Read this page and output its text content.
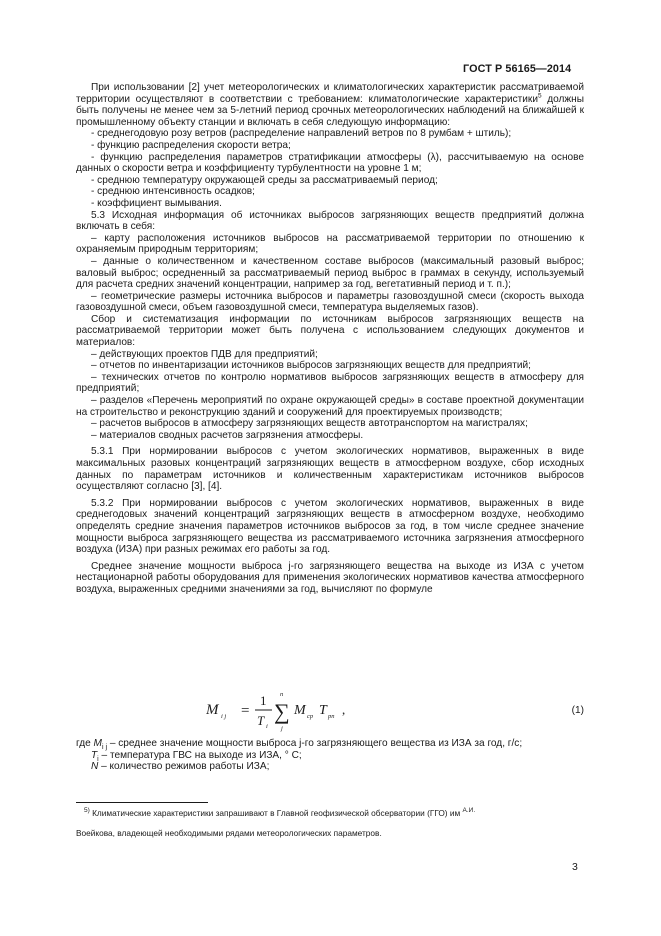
ГОСТ Р 56165—2014

При использовании [2] учет метеорологических и климатологических характеристик рассматриваемой территории осуществляют в соответствии с требованием: климатологические характеристики$^5$ должны быть получены не менее чем за 5-летний период срочных метеорологических наблюдений на ближайшей к промышленному объекту станции и включать в себя следующую информацию:

- среднегодовую розу ветров (распределение направлений ветров по 8 румбам + штиль);

- функцию распределения скорости ветра;

- функцию распределения параметров стратификации атмосферы (λ), рассчитываемую на основе данных о скорости ветра и коэффициенту турбулентности на уровне 1 м;

- среднюю температуру окружающей среды за рассматриваемый период;

- среднюю интенсивность осадков;

- коэффициент вымывания.

5.3 Исходная информация об источниках выбросов загрязняющих веществ предприятий должна включать в себя:

– карту расположения источников выбросов на рассматриваемой территории по отношению к охраняемым природным территориям;

– данные о количественном и качественном составе выбросов (максимальный разовый выброс; валовый выброс; осредненный за рассматриваемый период выброс в граммах в секунду, используемый для расчета средних значений концентрации, например за год, вегетативный период и т. п.);

– геометрические размеры источника выбросов и параметры газовоздушной смеси (скорость выхода газовоздушной смеси, объем газовоздушной смеси, температура выделяемых газов).

Сбор и систематизация информации по источникам выбросов загрязняющих веществ на рассматриваемой территории может быть получена с использованием следующих документов и материалов:

– действующих проектов ПДВ для предприятий;

– отчетов по инвентаризации источников выбросов загрязняющих веществ для предприятий;

– технических отчетов по контролю нормативов выбросов загрязняющих веществ в атмосферу для предприятий;

– разделов «Перечень мероприятий по охране окружающей среды» в составе проектной документации на строительство и реконструкцию зданий и сооружений для проектируемых производств;

– расчетов выбросов в атмосферу загрязняющих веществ автотранспортом на магистралях;

– материалов сводных расчетов загрязнения атмосферы.

5.3.1 При нормировании выбросов с учетом экологических нормативов, выраженных в виде максимальных разовых концентраций загрязняющих веществ в атмосферном воздухе, сбор исходных данных по параметрам источников и количественным характеристикам источников выбросов осуществляют согласно [3], [4].

5.3.2 При нормировании выбросов с учетом экологических нормативов, выраженных в виде среднегодовых значений концентраций загрязняющих веществ в атмосферном воздухе, необходимо определять средние значения параметров источников выбросов за год, в том числе среднее значение мощности выброса загрязняющего вещества из рассматриваемого источника загрязнения атмосферного воздуха (ИЗА) при разных режимах его работы за год.

Среднее значение мощности выброса j-го загрязняющего вещества на выходе из ИЗА с учетом нестационарной работы оборудования для применения экологических нормативов качества атмосферного воздуха, выраженных средними значениями за год, вычисляют по формуле

M i j =
1
T i
n
∑
j
M cp T pn ,	(1)

где $M_{i j}$ – среднее значение мощности выброса j-го загрязняющего вещества из ИЗА за год, г/с;

$T_i$ – температура ГВС на выходе из ИЗА, ° С;

N – количество режимов работы ИЗА;

$^{5)}$ Климатические характеристики запрашивают в Главной геофизической обсерватории (ГГО) им $^{А.И.}$
Воейкова, владеющей необходимыми рядами метеорологических параметров.
3
